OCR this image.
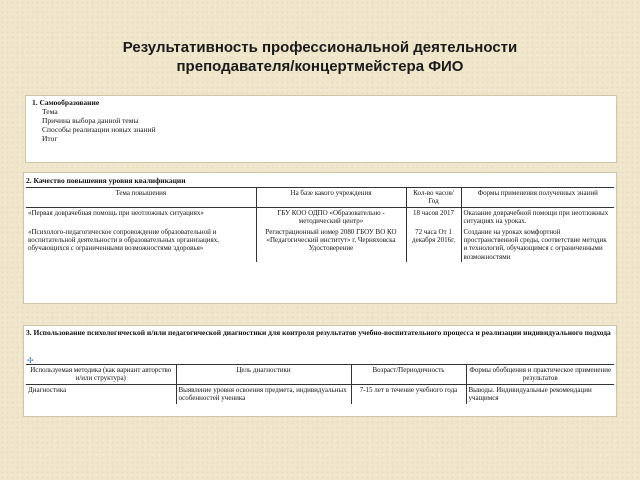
Результативность профессиональной деятельности
преподавателя/концертмейстера ФИО
1. Самообразование
Тема
Причина выбора данной темы
Способы реализации новых знаний
Итог
2. Качество повышения уровня квалификации
Тема повышения	На базе какого учреждения	Кол-во часов/Год	Формы применения полученных знаний
«Первая доврачебная помощь при неотложных ситуациях»	ГБУ КОО ОДПО «Образовательно - методический центр»	18 часов 2017	Оказание доврачебной помощи при неотложных ситуациях на уроках.
«Психолого-педагогическое сопровождение образовательной и воспитательной деятельности в образовательных организациях, обучающихся с ограниченными возможностями здоровья»	Регистрационный номер 2080 ГБОУ ВО КО «Педагогический институт» г. Черняховска Удостоверение	72 часа От 1 декабря 2016г.	Создание на уроках комфортной пространственной среды, соответствие методик и технологий, обучающимся с ограниченными возможностями
3. Использование психологической и/или педагогической диагностики для контроля результатов учебно-воспитательного процесса и реализации индивидуального подхода
✢
Используемая методика (как вариант авторство и/или структура)	Цель диагностики	Возраст/Периодичность	Формы обобщения и практическое применение результатов
Диагностика	Выявление уровня освоения предмета, индивидуальных особенностей ученика	7-15 лет в течение учебного года	Выводы. Индивидуальные рекомендации учащимся
